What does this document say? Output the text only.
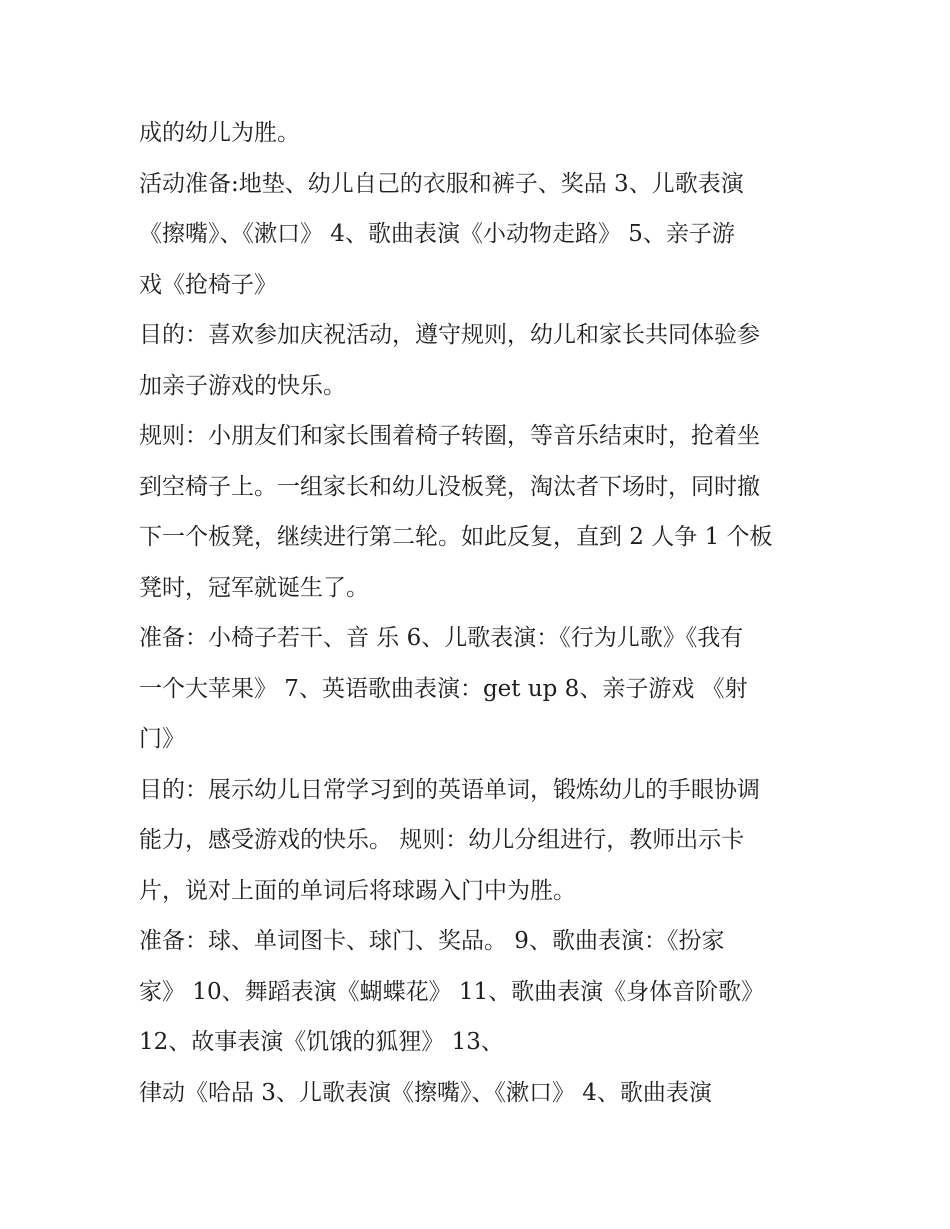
成的幼儿为胜。
活动准备:地垫、幼儿自己的衣服和裤子、奖品 3、儿歌表演
《擦嘴》、《漱口》 4、歌曲表演《小动物走路》 5、亲子游
戏《抢椅子》
目的：喜欢参加庆祝活动，遵守规则，幼儿和家长共同体验参
加亲子游戏的快乐。
规则：小朋友们和家长围着椅子转圈，等音乐结束时，抢着坐
到空椅子上。一组家长和幼儿没板凳，淘汰者下场时，同时撤
下一个板凳，继续进行第二轮。如此反复，直到 2 人争 1 个板
凳时，冠军就诞生了。
准备：小椅子若干、音 乐 6、儿歌表演：《行为儿歌》《我有
一个大苹果》 7、英语歌曲表演：get up 8、亲子游戏 《射
门》
目的：展示幼儿日常学习到的英语单词，锻炼幼儿的手眼协调
能力，感受游戏的快乐。 规则：幼儿分组进行，教师出示卡
片，说对上面的单词后将球踢入门中为胜。
准备：球、单词图卡、球门、奖品。 9、歌曲表演：《扮家
家》 10、舞蹈表演《蝴蝶花》 11、歌曲表演《身体音阶歌》
12、故事表演《饥饿的狐狸》 13、
律动《哈品 3、儿歌表演《擦嘴》、《漱口》 4、歌曲表演
